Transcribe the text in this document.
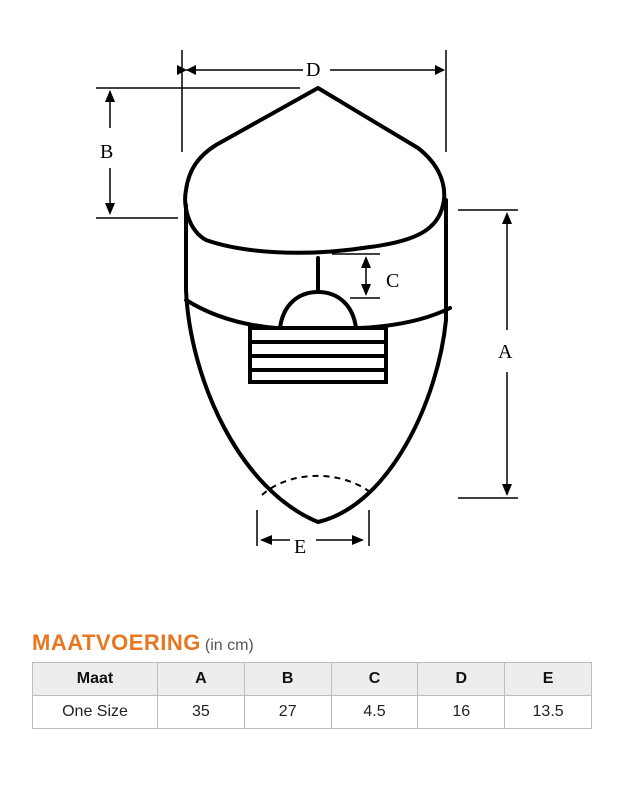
D
B
A
C
E
MAATVOERING (in cm)
Maat	A	B	C	D	E
One Size	35	27	4.5	16	13.5
